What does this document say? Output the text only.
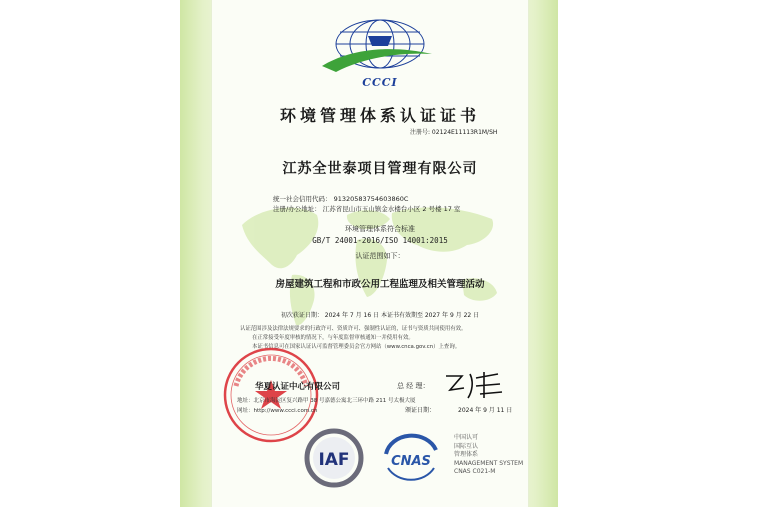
CCCI
环境管理体系认证证书
注册号: 02124E11113R1M/SH
江苏全世泰项目管理有限公司
统一社会信用代码： 91320583754603860C
注册/办公地址： 江苏省昆山市玉山镇金水楼台小区 2 号楼 17 室
环境管理体系符合标准
GB/T 24001-2016/ISO 14001:2015
认证范围如下：
房屋建筑工程和市政公用工程监理及相关管理活动
初次获证日期： 2024 年 7 月 16 日 本证书有效期至 2027 年 9 月 22 日
认证范围涉及法律法规要求的行政许可、资质许可、强制性认证的，证书与资质共同使用有效。
在正常接受年度审核的情况下，与年度监督审核通知一并使用有效。
本证书信息可在国家认证认可监督管理委员会官方网站（www.cnca.gov.cn）上查询。
华夏认证中心有限公司
地址：北京市海淀区复兴路甲 38 号嘉德公寓北三环中路 211 号太极大厦
网址：http://www.ccci.com.cn
总 经 理：
颁证日期：	2024 年 9 月 11 日
IAF	CNAS
中国认可
国际互认
管理体系
MANAGEMENT SYSTEM
CNAS C021-M
